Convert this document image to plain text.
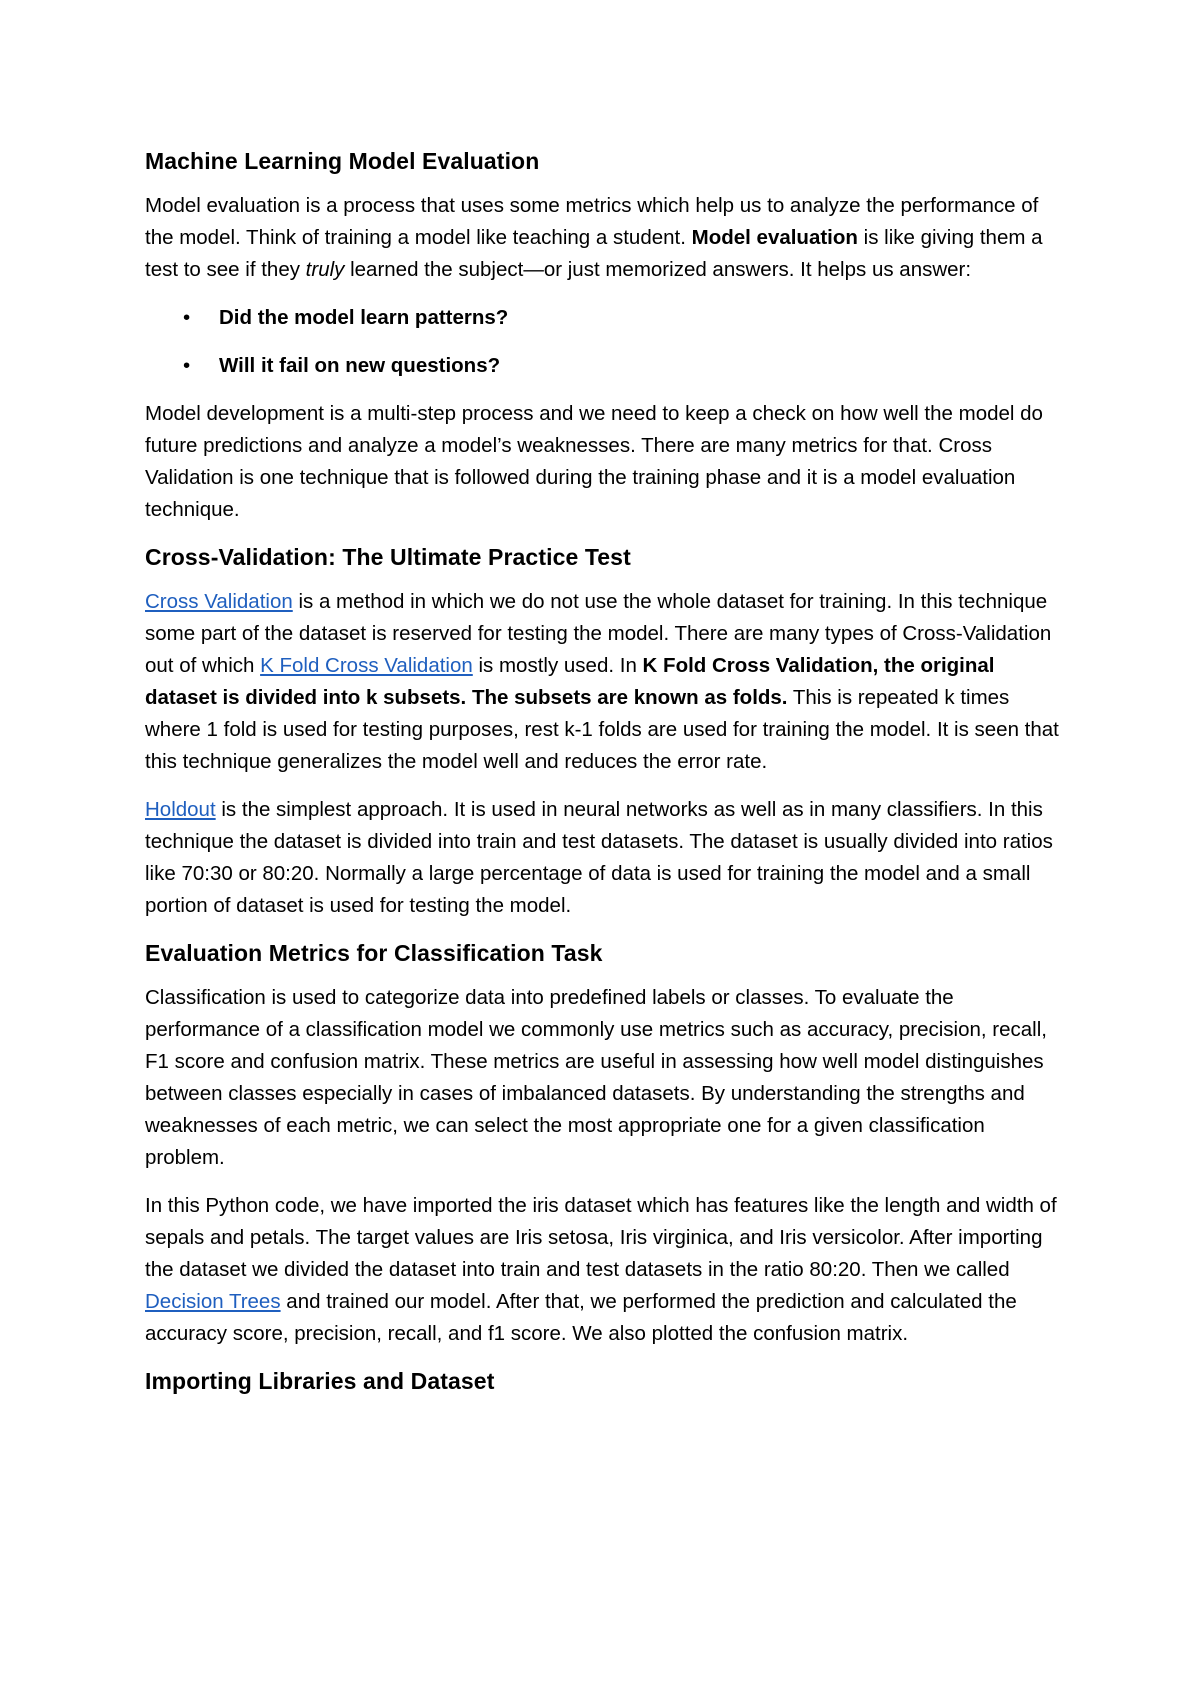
Machine Learning Model Evaluation

Model evaluation is a process that uses some metrics which help us to analyze the performance of the model. Think of training a model like teaching a student. Model evaluation is like giving them a test to see if they truly learned the subject—or just memorized answers. It helps us answer:

• Did the model learn patterns?
• Will it fail on new questions?

Model development is a multi-step process and we need to keep a check on how well the model do future predictions and analyze a model’s weaknesses. There are many metrics for that. Cross Validation is one technique that is followed during the training phase and it is a model evaluation technique.

Cross-Validation: The Ultimate Practice Test

Cross Validation is a method in which we do not use the whole dataset for training. In this technique some part of the dataset is reserved for testing the model. There are many types of Cross-Validation out of which K Fold Cross Validation is mostly used. In K Fold Cross Validation, the original dataset is divided into k subsets. The subsets are known as folds. This is repeated k times where 1 fold is used for testing purposes, rest k-1 folds are used for training the model. It is seen that this technique generalizes the model well and reduces the error rate.

Holdout is the simplest approach. It is used in neural networks as well as in many classifiers. In this technique the dataset is divided into train and test datasets. The dataset is usually divided into ratios like 70:30 or 80:20. Normally a large percentage of data is used for training the model and a small portion of dataset is used for testing the model.

Evaluation Metrics for Classification Task

Classification is used to categorize data into predefined labels or classes. To evaluate the performance of a classification model we commonly use metrics such as accuracy, precision, recall, F1 score and confusion matrix. These metrics are useful in assessing how well model distinguishes between classes especially in cases of imbalanced datasets. By understanding the strengths and weaknesses of each metric, we can select the most appropriate one for a given classification problem.

In this Python code, we have imported the iris dataset which has features like the length and width of sepals and petals. The target values are Iris setosa, Iris virginica, and Iris versicolor. After importing the dataset we divided the dataset into train and test datasets in the ratio 80:20. Then we called Decision Trees and trained our model. After that, we performed the prediction and calculated the accuracy score, precision, recall, and f1 score. We also plotted the confusion matrix.

Importing Libraries and Dataset
